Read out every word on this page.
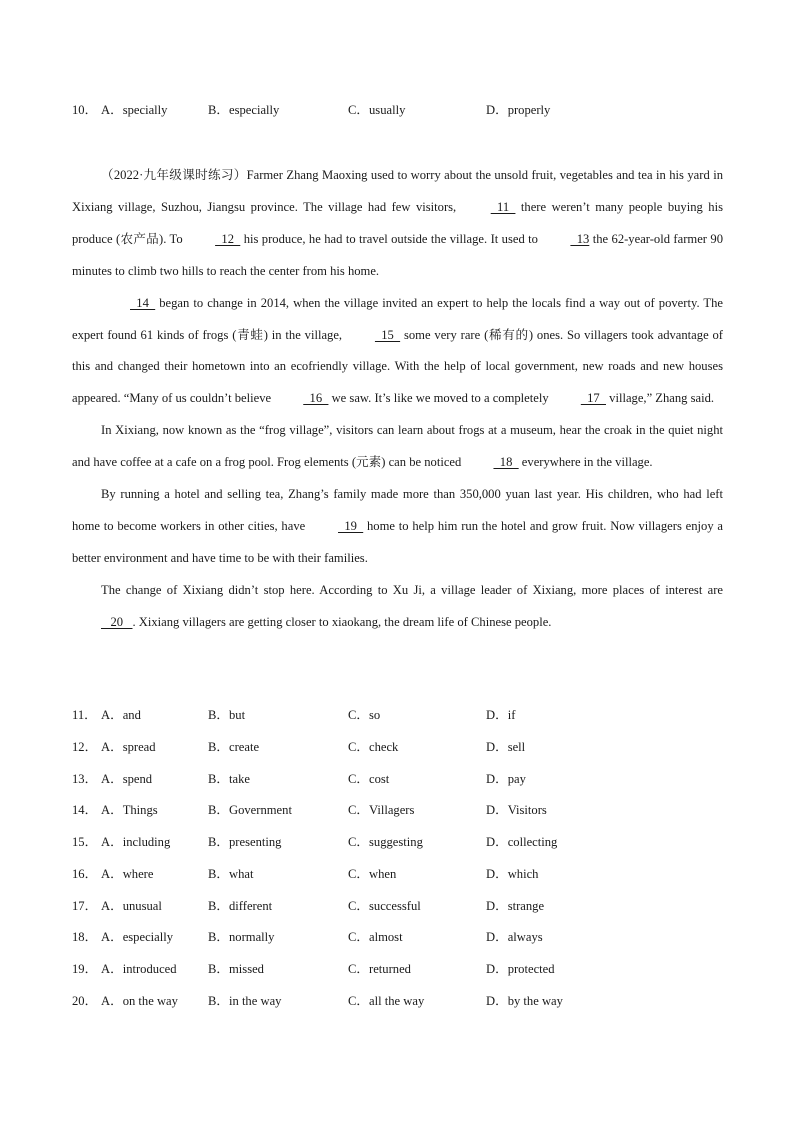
10． A．specially	B．especially	C．usually	D．properly

（2022·九年级课时练习）Farmer Zhang Maoxing used to worry about the unsold fruit, vegetables and tea in his yard in Xixiang village, Suzhou, Jiangsu province. The village had few visitors,   11   there weren’t many people buying his produce (农产品). To   12   his produce, he had to travel outside the village. It used to   13 the 62-year-old farmer 90 minutes to climb two hills to reach the center from his home.

14   began to change in 2014, when the village invited an expert to help the locals find a way out of poverty. The expert found 61 kinds of frogs (青蛙) in the village,   15   some very rare (稀有的) ones. So villagers took advantage of this and changed their hometown into an ecofriendly village. With the help of local government, new roads and new houses appeared. “Many of us couldn’t believe   16   we saw. It’s like we moved to a completely   17   village,” Zhang said.

In Xixiang, now known as the “frog village”, visitors can learn about frogs at a museum, hear the croak in the quiet night and have coffee at a cafe on a frog pool. Frog elements (元素) can be noticed   18   everywhere in the village.

By running a hotel and selling tea, Zhang’s family made more than 350,000 yuan last year. His children, who had left home to become workers in other cities, have   19   home to help him run the hotel and grow fruit. Now villagers enjoy a better environment and have time to be with their families.

The change of Xixiang didn’t stop here. According to Xu Ji, a village leader of Xixiang, more places of interest are    20   . Xixiang villagers are getting closer to xiaokang, the dream life of Chinese people.

11． A．and	B．but	C．so	D．if
12． A．spread	B．create	C．check	D．sell
13． A．spend	B．take	C．cost	D．pay
14． A．Things	B．Government	C．Villagers	D．Visitors
15． A．including	B．presenting	C．suggesting	D．collecting
16． A．where	B．what	C．when	D．which
17． A．unusual	B．different	C．successful	D．strange
18． A．especially	B．normally	C．almost	D．always
19． A．introduced B．missed	C．returned	D．protected
20． A．on the way B．in the way	C．all the way	D．by the way
